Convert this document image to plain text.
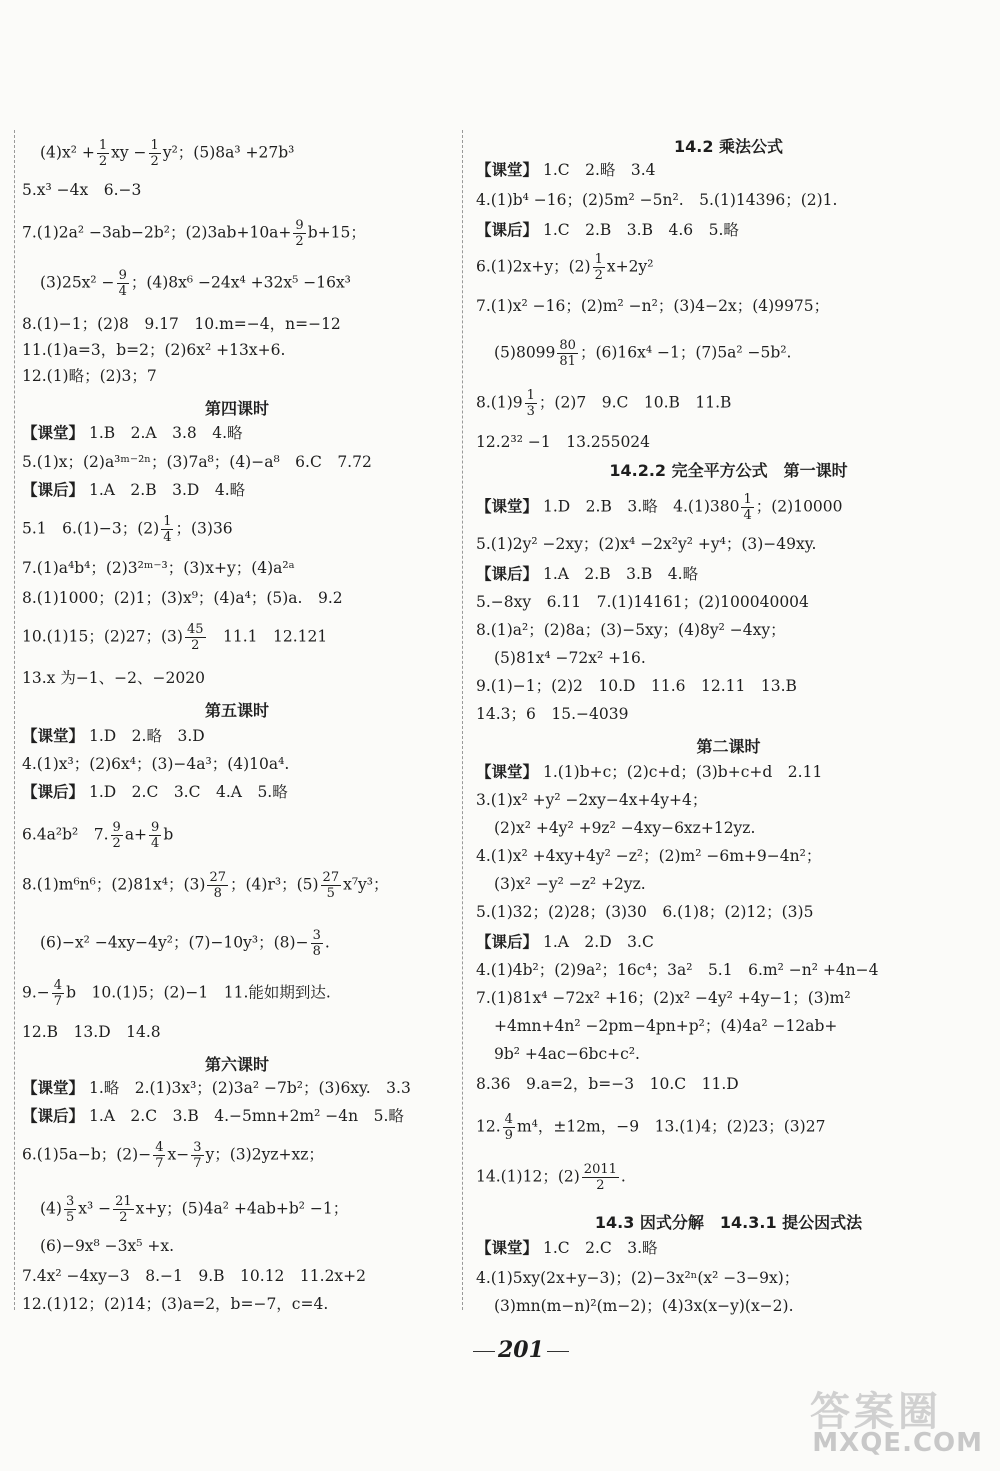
$(4)x^2 + \frac{1}{2}$ xy − $\frac{1}{2} y^2$；(5)8a³ +27b³
5.x³ −4x　6.−3
7.(1)2a² −3ab−2b²；$(2)3ab+10a+ \frac{9}{2} b+15$；
$(3)25x^2 - \frac{9}{4}$ ；(4)8x⁶ −24x⁴ +32x⁵ −16x³
8.(1)−1；(2)8　9.17　10.m=−4，n=−12
11.(1)a=3，b=2；(2)6x² +13x+6.
12.(1)略；(2)3；7
第四课时
【课堂】 1.B　2.A　3.8　4.略
5.(1)x；(2)a³ᵐ⁻²ⁿ；(3)7a⁸；(4)−a⁸　6.C　7.72
【课后】 1.A　2.B　3.D　4.略
5.1　6.(1)−3；$(2) \frac{1}{4}$ ；(3)36
7.(1)a⁴b⁴；(2)3²ᵐ⁻³；(3)x+y；(4)a²ᵃ
8.(1)1000；(2)1；(3)x⁹；(4)a⁴；(5)a.　9.2
10.(1)15；(2)27；$(3) \frac{45}{2}$ 　11.1　12.121
13.x 为−1、−2、−2020
第五课时
【课堂】 1.D　2.略　3.D
4.(1)x³；(2)6x⁴；(3)−4a³；(4)10a⁴.
【课后】 1.D　2.C　3.C　4.A　5.略
6.4a²b²　7. $\frac{9}{2} a+ \frac{9}{4}$ b
8.(1)m⁶n⁶；(2)81x⁴；$(3) \frac{27}{8}$ ；(4)r³；$(5) \frac{27}{5} x^7y^3$；
(6)−x² −4xy−4y²；(7)−10y³；$(8)- \frac{3}{8}$ .
$9.- \frac{4}{7}$ b　10.(1)5；(2)−1　11.能如期到达.
12.B　13.D　14.8
第六课时
【课堂】 1.略　2.(1)3x³；(2)3a² −7b²；(3)6xy.　3.3
【课后】 1.A　2.C　3.B　4.−5mn+2m² −4n　5.略
6.(1)5a−b；$(2)- \frac{4}{7} x- \frac{3}{7}$ y；(3)2yz+xz；
$(4) \frac{3}{5} x^3 - \frac{21}{2} x+y$；(5)4a² +4ab+b² −1；
(6)−9x⁸ −3x⁵ +x.
7.4x² −4xy−3　8.−1　9.B　10.12　11.2x+2
12.(1)12；(2)14；(3)a=2，b=−7，c=4.
14.2 乘法公式
【课堂】 1.C　2.略　3.4
4.(1)b⁴ −16；(2)5m² −5n².　5.(1)14396；(2)1.
【课后】 1.C　2.B　3.B　4.6　5.略
6.(1)2x+y；$(2) \frac{1}{2} x+2y^2$
7.(1)x² −16；(2)m² −n²；(3)4−2x；(4)9975；
$(5)8099 \frac{80}{81}$ ；(6)16x⁴ −1；(7)5a² −5b².
$8.(1)9 \frac{1}{3}$ ；(2)7　9.C　10.B　11.B
12.2³² −1　13.255024
14.2.2 完全平方公式　第一课时
【课堂】 1.D　2.B　3.略　$4.(1)380 \frac{1}{4}$ ；(2)10000
5.(1)2y² −2xy；(2)x⁴ −2x²y² +y⁴；(3)−49xy.
【课后】 1.A　2.B　3.B　4.略
5.−8xy　6.11　7.(1)14161；(2)100040004
8.(1)a²；(2)8a；(3)−5xy；(4)8y² −4xy；
(5)81x⁴ −72x² +16.
9.(1)−1；(2)2　10.D　11.6　12.11　13.B
14.3；6　15.−4039
第二课时
【课堂】 1.(1)b+c；(2)c+d；(3)b+c+d　2.11
3.(1)x² +y² −2xy−4x+4y+4；
(2)x² +4y² +9z² −4xy−6xz+12yz.
4.(1)x² +4xy+4y² −z²；(2)m² −6m+9−4n²；
(3)x² −y² −z² +2yz.
5.(1)32；(2)28；(3)30　6.(1)8；(2)12；(3)5
【课后】 1.A　2.D　3.C
4.(1)4b²；(2)9a²；16c⁴；3a²　5.1　6.m² −n² +4n−4
7.(1)81x⁴ −72x² +16；(2)x² −4y² +4y−1；(3)m²
+4mn+4n² −2pm−4pn+p²；(4)4a² −12ab+
9b² +4ac−6bc+c².
8.36　9.a=2，b=−3　10.C　11.D
12. $\frac{4}{9} m^4$，±12m，−9　13.(1)4；(2)23；(3)27
14.(1)12；$(2) \frac{2011}{2}$ .
14.3 因式分解　14.3.1 提公因式法
【课堂】 1.C　2.C　3.略
4.(1)5xy(2x+y−3)；(2)−3x²ⁿ(x² −3−9x)；
(3)mn(m−n)²(m−2)；(4)3x(x−y)(x−2).
201
答案圈
MXQE.COM
